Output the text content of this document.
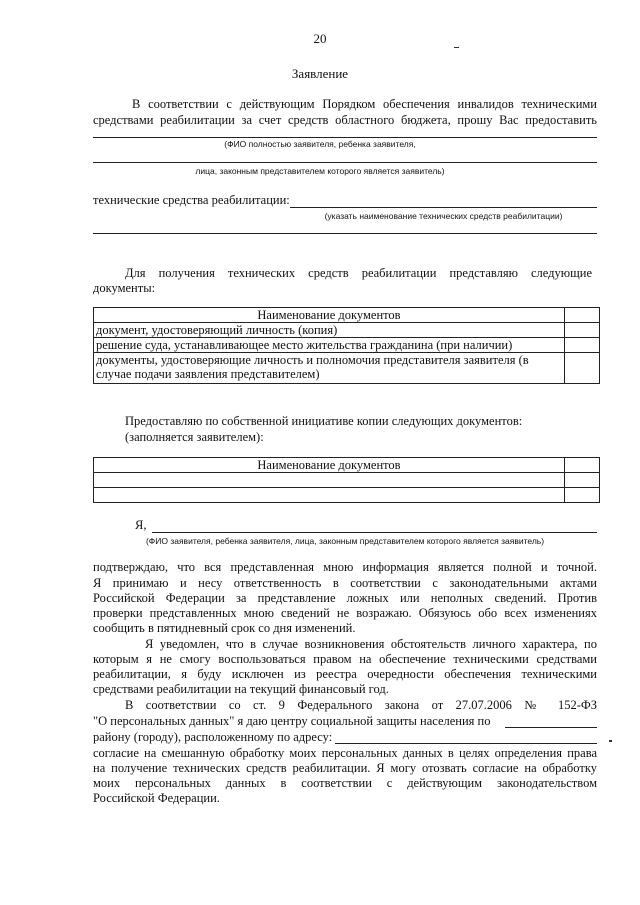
20
Заявление
В соответствии с действующим Порядком обеспечения инвалидов техническими
средствами реабилитации за счет средств областного бюджета, прошу Вас предоставить
(ФИО полностью заявителя, ребенка заявителя,
лица, законным представителем которого является заявитель)
технические средства реабилитации:
(указать наименование технических средств реабилитации)
Для получения технических средств реабилитации представляю следующие
документы:
Наименование документов	
документ, удостоверяющий личность (копия)	
решение суда, устанавливающее место жительства гражданина (при наличии)	
документы, удостоверяющие личность и полномочия представителя заявителя (в
случае подачи заявления представителем)	
Предоставляю по собственной инициативе копии следующих документов:
(заполняется заявителем):
Наименование документов	

Я,
(ФИО заявителя, ребенка заявителя, лица, законным представителем которого является заявитель)
подтверждаю, что вся представленная мною информация является полной и точной.
Я принимаю и несу ответственность в соответствии с законодательными актами
Российской Федерации за представление ложных или неполных сведений. Против
проверки представленных мною сведений не возражаю. Обязуюсь обо всех изменениях
сообщить в пятидневный срок со дня изменений.
Я уведомлен, что в случае возникновения обстоятельств личного характера, по
которым я не смогу воспользоваться правом на обеспечение техническими средствами
реабилитации, я буду исключен из реестра очередности обеспечения техническими
средствами реабилитации на текущий финансовый год.
В соответствии со ст. 9 Федерального закона от 27.07.2006 № 152-ФЗ
"О персональных данных" я даю центру социальной защиты населения по
району (городу), расположенному по адресу:
согласие на смешанную обработку моих персональных данных в целях определения права
на получение технических средств реабилитации. Я могу отозвать согласие на обработку
моих персональных данных в соответствии с действующим законодательством
Российской Федерации.
